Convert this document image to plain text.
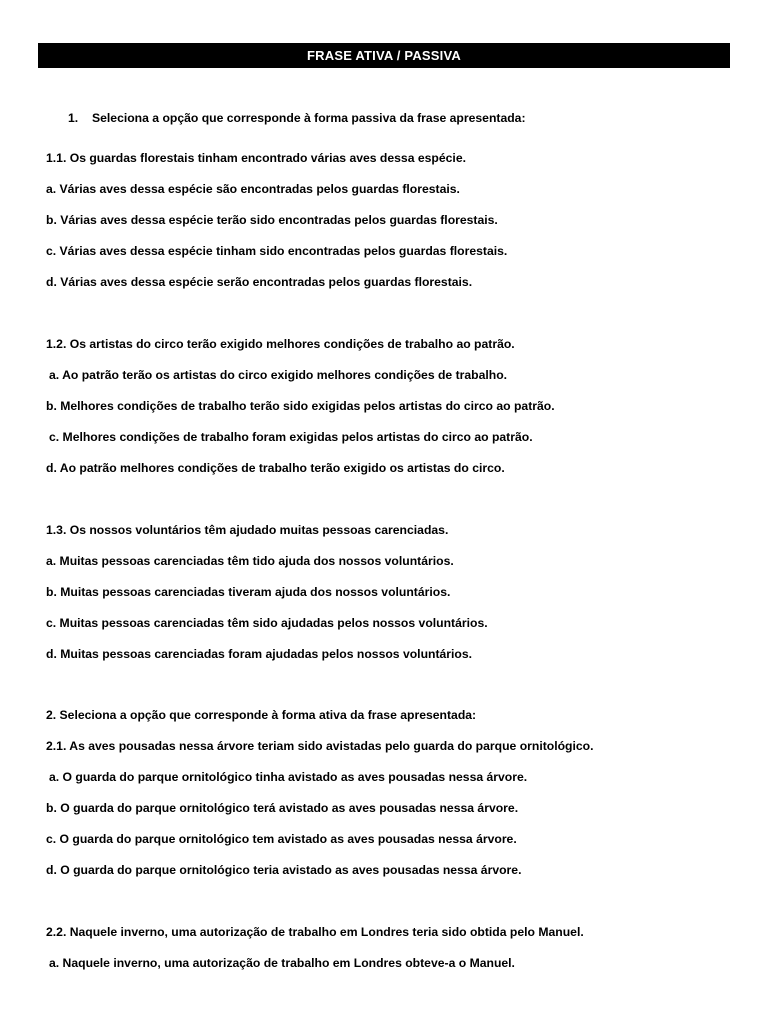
FRASE ATIVA / PASSIVA
1. Seleciona a opção que corresponde à forma passiva da frase apresentada:
1.1. Os guardas florestais tinham encontrado várias aves dessa espécie.
a. Várias aves dessa espécie são encontradas pelos guardas florestais.
b. Várias aves dessa espécie terão sido encontradas pelos guardas florestais.
c. Várias aves dessa espécie tinham sido encontradas pelos guardas florestais.
d. Várias aves dessa espécie serão encontradas pelos guardas florestais.
1.2. Os artistas do circo terão exigido melhores condições de trabalho ao patrão.
a. Ao patrão terão os artistas do circo exigido melhores condições de trabalho.
b. Melhores condições de trabalho terão sido exigidas pelos artistas do circo ao patrão.
c. Melhores condições de trabalho foram exigidas pelos artistas do circo ao patrão.
d. Ao patrão melhores condições de trabalho terão exigido os artistas do circo.
1.3. Os nossos voluntários têm ajudado muitas pessoas carenciadas.
a. Muitas pessoas carenciadas têm tido ajuda dos nossos voluntários.
b. Muitas pessoas carenciadas tiveram ajuda dos nossos voluntários.
c. Muitas pessoas carenciadas têm sido ajudadas pelos nossos voluntários.
d. Muitas pessoas carenciadas foram ajudadas pelos nossos voluntários.
2. Seleciona a opção que corresponde à forma ativa da frase apresentada:
2.1. As aves pousadas nessa árvore teriam sido avistadas pelo guarda do parque ornitológico.
a. O guarda do parque ornitológico tinha avistado as aves pousadas nessa árvore.
b. O guarda do parque ornitológico terá avistado as aves pousadas nessa árvore.
c. O guarda do parque ornitológico tem avistado as aves pousadas nessa árvore.
d. O guarda do parque ornitológico teria avistado as aves pousadas nessa árvore.
2.2. Naquele inverno, uma autorização de trabalho em Londres teria sido obtida pelo Manuel.
a. Naquele inverno, uma autorização de trabalho em Londres obteve-a o Manuel.
